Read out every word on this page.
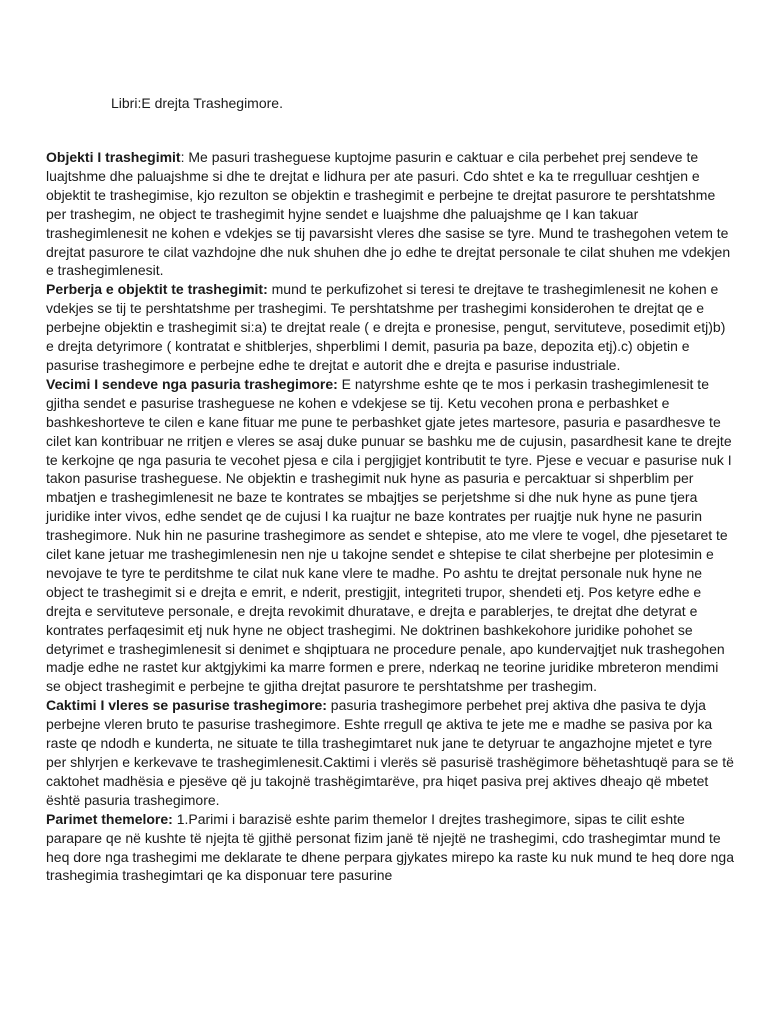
Libri:E drejta Trashegimore.

Objekti I trashegimit: Me pasuri trasheguese kuptojme pasurin e caktuar e cila perbehet prej sendeve te luajtshme dhe paluajshme si dhe te drejtat e lidhura per ate pasuri. Cdo shtet e ka te rregulluar ceshtjen e objektit te trashegimise, kjo rezulton se objektin e trashegimit e perbejne te drejtat pasurore te pershtatshme per trashegim, ne object te trashegimit hyjne sendet e luajshme dhe paluajshme qe I kan takuar trashegimlenesit ne kohen e vdekjes se tij pavarsisht vleres dhe sasise se tyre. Mund te trashegohen vetem te drejtat pasurore te cilat vazhdojne dhe nuk shuhen dhe jo edhe te drejtat personale te cilat shuhen me vdekjen e trashegimlenesit.

Perberja e objektit te trashegimit: mund te perkufizohet si teresi te drejtave te trashegimlenesit ne kohen e vdekjes se tij te pershtatshme per trashegimi. Te pershtatshme per trashegimi konsiderohen te drejtat qe e perbejne objektin e trashegimit si:a) te drejtat reale ( e drejta e pronesise, pengut, servituteve, posedimit etj)b) e drejta detyrimore ( kontratat e shitblerjes, shperblimi I demit, pasuria pa baze, depozita etj).c) objetin e pasurise trashegimore e perbejne edhe te drejtat e autorit dhe e drejta e pasurise industriale.

Vecimi I sendeve nga pasuria trashegimore: E natyrshme eshte qe te mos i perkasin trashegimlenesit te gjitha sendet e pasurise trasheguese ne kohen e vdekjese se tij. Ketu vecohen prona e perbashket e bashkeshorteve te cilen e kane fituar me pune te perbashket gjate jetes martesore, pasuria e pasardhesve te cilet kan kontribuar ne rritjen e vleres se asaj duke punuar se bashku me de cujusin, pasardhesit kane te drejte te kerkojne qe nga pasuria te vecohet pjesa e cila i pergjigjet kontributit te tyre. Pjese e vecuar e pasurise nuk I takon pasurise trasheguese. Ne objektin e trashegimit nuk hyne as pasuria e percaktuar si shperblim per mbatjen e trashegimlenesit ne baze te kontrates se mbajtjes se perjetshme si dhe nuk hyne as pune tjera juridike inter vivos, edhe sendet qe de cujusi I ka ruajtur ne baze kontrates per ruajtje nuk hyne ne pasurin trashegimore. Nuk hin ne pasurine trashegimore as sendet e shtepise, ato me vlere te vogel, dhe pjesetaret te cilet kane jetuar me trashegimlenesin nen nje u takojne sendet e shtepise te cilat sherbejne per plotesimin e nevojave te tyre te perditshme te cilat nuk kane vlere te madhe. Po ashtu te drejtat personale nuk hyne ne object te trashegimit si e drejta e emrit, e nderit, prestigjit, integriteti trupor, shendeti etj. Pos ketyre edhe e drejta e servituteve personale, e drejta revokimit dhuratave, e drejta e parablerjes, te drejtat dhe detyrat e kontrates perfaqesimit etj nuk hyne ne object trashegimi. Ne doktrinen bashkekohore juridike pohohet se detyrimet e trashegimlenesit si denimet e shqiptuara ne procedure penale, apo kundervajtjet nuk trashegohen madje edhe ne rastet kur aktgjykimi ka marre formen e prere, nderkaq ne teorine juridike mbreteron mendimi se object trashegimit e perbejne te gjitha drejtat pasurore te pershtatshme per trashegim.

Caktimi I vleres se pasurise trashegimore: pasuria trashegimore perbehet prej aktiva dhe pasiva te dyja perbejne vleren bruto te pasurise trashegimore. Eshte rregull qe aktiva te jete me e madhe se pasiva por ka raste qe ndodh e kunderta, ne situate te tilla trashegimtaret nuk jane te detyruar te angazhojne mjetet e tyre per shlyrjen e kerkevave te trashegimlenesit.Caktimi i vlerës së pasurisë trashëgimore bëhetashtuqë para se të caktohet madhësia e pjesëve që ju takojnë trashëgimtarëve, pra hiqet pasiva prej aktives dheajo që mbetet është pasuria trashegimore.

Parimet themelore: 1.Parimi i barazisë eshte parim themelor I drejtes trashegimore, sipas te cilit eshte parapare qe në kushte të njejta të gjithë personat fizim janë të njejtë ne trashegimi, cdo trashegimtar mund te heq dore nga trashegimi me deklarate te dhene perpara gjykates mirepo ka raste ku nuk mund te heq dore nga trashegimia trashegimtari qe ka disponuar tere pasurine
